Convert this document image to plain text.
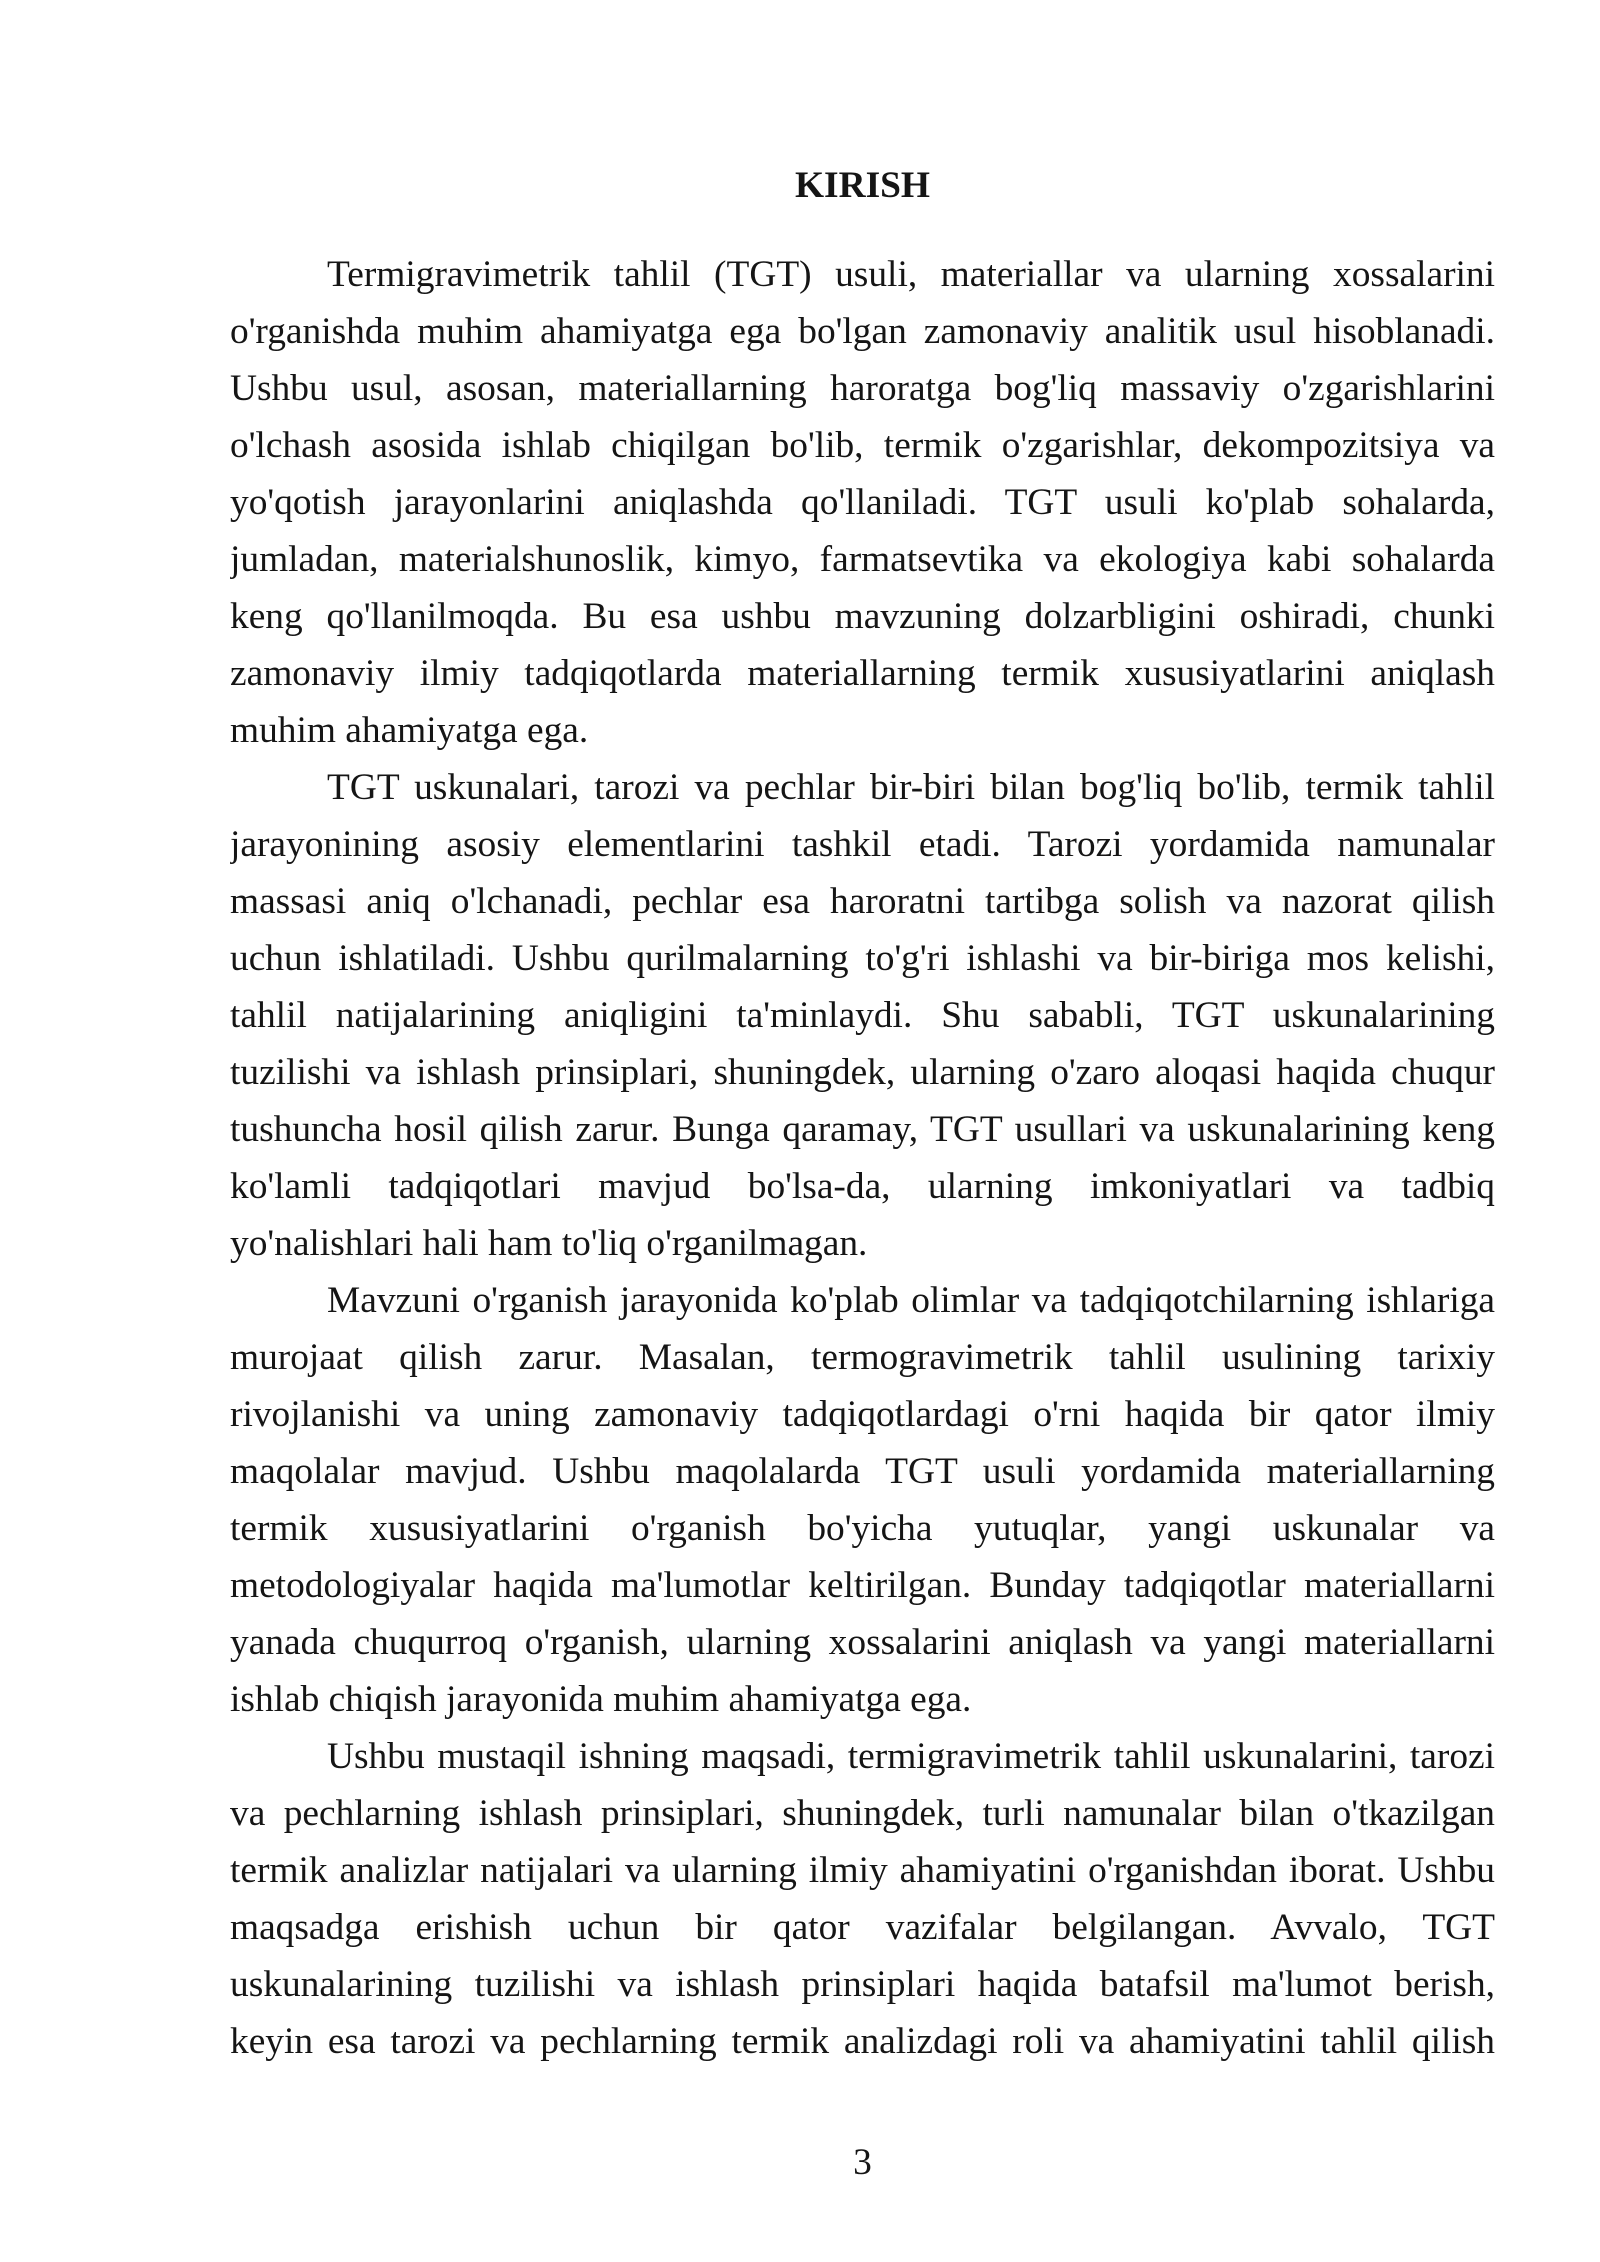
KIRISH
Termigravimetrik tahlil (TGT) usuli, materiallar va ularning xossalarini
o'rganishda muhim ahamiyatga ega bo'lgan zamonaviy analitik usul hisoblanadi.
Ushbu usul, asosan, materiallarning haroratga bog'liq massaviy o'zgarishlarini
o'lchash asosida ishlab chiqilgan bo'lib, termik o'zgarishlar, dekompozitsiya va
yo'qotish jarayonlarini aniqlashda qo'llaniladi. TGT usuli ko'plab sohalarda,
jumladan, materialshunoslik, kimyo, farmatsevtika va ekologiya kabi sohalarda
keng qo'llanilmoqda. Bu esa ushbu mavzuning dolzarbligini oshiradi, chunki
zamonaviy ilmiy tadqiqotlarda materiallarning termik xususiyatlarini aniqlash
muhim ahamiyatga ega.
TGT uskunalari, tarozi va pechlar bir-biri bilan bog'liq bo'lib, termik tahlil
jarayonining asosiy elementlarini tashkil etadi. Tarozi yordamida namunalar
massasi aniq o'lchanadi, pechlar esa haroratni tartibga solish va nazorat qilish
uchun ishlatiladi. Ushbu qurilmalarning to'g'ri ishlashi va bir-biriga mos kelishi,
tahlil natijalarining aniqligini ta'minlaydi. Shu sababli, TGT uskunalarining
tuzilishi va ishlash prinsiplari, shuningdek, ularning o'zaro aloqasi haqida chuqur
tushuncha hosil qilish zarur. Bunga qaramay, TGT usullari va uskunalarining keng
ko'lamli tadqiqotlari mavjud bo'lsa-da, ularning imkoniyatlari va tadbiq
yo'nalishlari hali ham to'liq o'rganilmagan.
Mavzuni o'rganish jarayonida ko'plab olimlar va tadqiqotchilarning ishlariga
murojaat qilish zarur. Masalan, termogravimetrik tahlil usulining tarixiy
rivojlanishi va uning zamonaviy tadqiqotlardagi o'rni haqida bir qator ilmiy
maqolalar mavjud. Ushbu maqolalarda TGT usuli yordamida materiallarning
termik xususiyatlarini o'rganish bo'yicha yutuqlar, yangi uskunalar va
metodologiyalar haqida ma'lumotlar keltirilgan. Bunday tadqiqotlar materiallarni
yanada chuqurroq o'rganish, ularning xossalarini aniqlash va yangi materiallarni
ishlab chiqish jarayonida muhim ahamiyatga ega.
Ushbu mustaqil ishning maqsadi, termigravimetrik tahlil uskunalarini, tarozi
va pechlarning ishlash prinsiplari, shuningdek, turli namunalar bilan o'tkazilgan
termik analizlar natijalari va ularning ilmiy ahamiyatini o'rganishdan iborat. Ushbu
maqsadga erishish uchun bir qator vazifalar belgilangan. Avvalo, TGT
uskunalarining tuzilishi va ishlash prinsiplari haqida batafsil ma'lumot berish,
keyin esa tarozi va pechlarning termik analizdagi roli va ahamiyatini tahlil qilish
3
